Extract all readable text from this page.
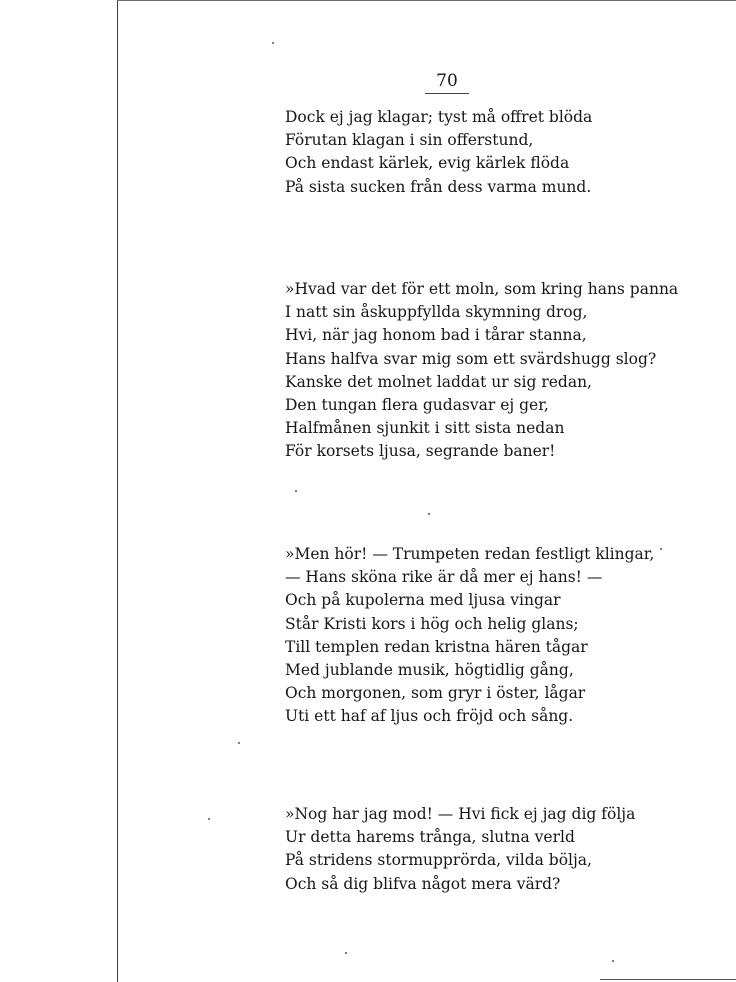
70
Dock ej jag klagar; tyst må offret blöda
Förutan klagan i sin offerstund,
Och endast kärlek, evig kärlek flöda
På sista sucken från dess varma mund.
»Hvad var det för ett moln, som kring hans panna
I natt sin åskuppfyllda skymning drog,
Hvi, när jag honom bad i tårar stanna,
Hans halfva svar mig som ett svärdshugg slog?
Kanske det molnet laddat ur sig redan,
Den tungan flera gudasvar ej ger,
Halfmånen sjunkit i sitt sista nedan
För korsets ljusa, segrande baner!
»Men hör! — Trumpeten redan festligt klingar,
— Hans sköna rike är då mer ej hans! —
Och på kupolerna med ljusa vingar
Står Kristi kors i hög och helig glans;
Till templen redan kristna hären tågar
Med jublande musik, högtidlig gång,
Och morgonen, som gryr i öster, lågar
Uti ett haf af ljus och fröjd och sång.
»Nog har jag mod! — Hvi fick ej jag dig följa
Ur detta harems trånga, slutna verld
På stridens stormupprörda, vilda bölja,
Och så dig blifva något mera värd?
